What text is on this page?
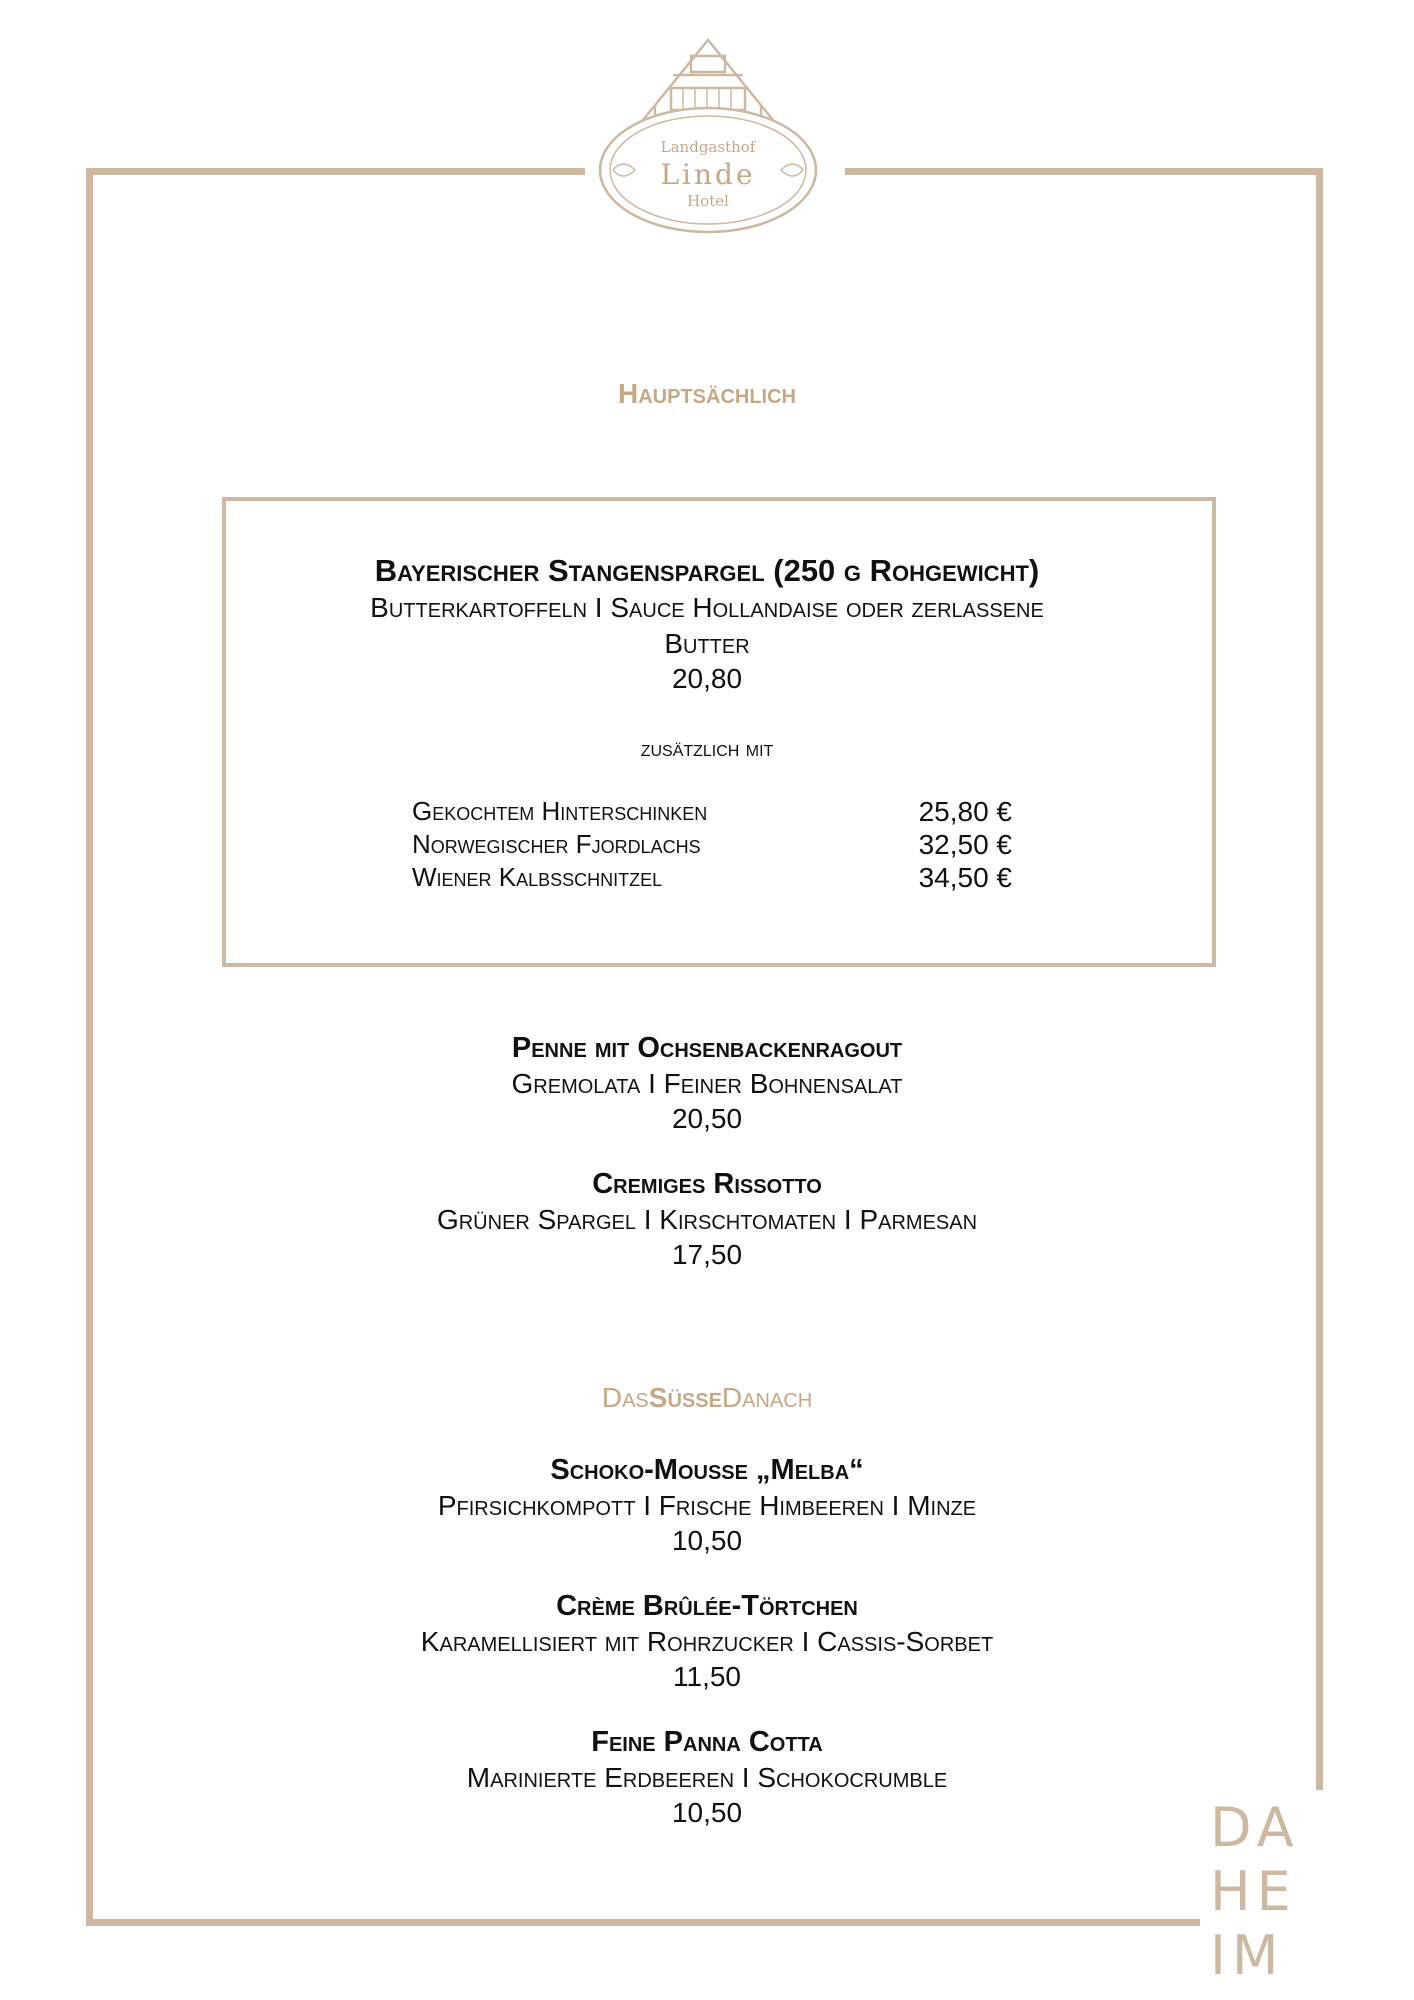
Landgasthof
Linde
Hotel
Hauptsächlich
Bayerischer Stangenspargel (250 g Rohgewicht)
Butterkartoffeln I Sauce Hollandaise oder zerlassene
Butter
20,80
zusätzlich mit
Gekochtem Hinterschinken	25,80 €
Norwegischer Fjordlachs	32,50 €
Wiener Kalbsschnitzel	34,50 €
Penne mit Ochsenbackenragout
Gremolata I Feiner Bohnensalat
20,50
Cremiges Rissotto
Grüner Spargel I Kirschtomaten I Parmesan
17,50
DasSüßeDanach
Schoko-Mousse „Melba“
Pfirsichkompott I Frische Himbeeren I Minze
10,50
Crème Brûlée-Törtchen
Karamellisiert mit Rohrzucker I Cassis-Sorbet
11,50
Feine Panna Cotta
Marinierte Erdbeeren I Schokocrumble
10,50	DA
HE
IM
